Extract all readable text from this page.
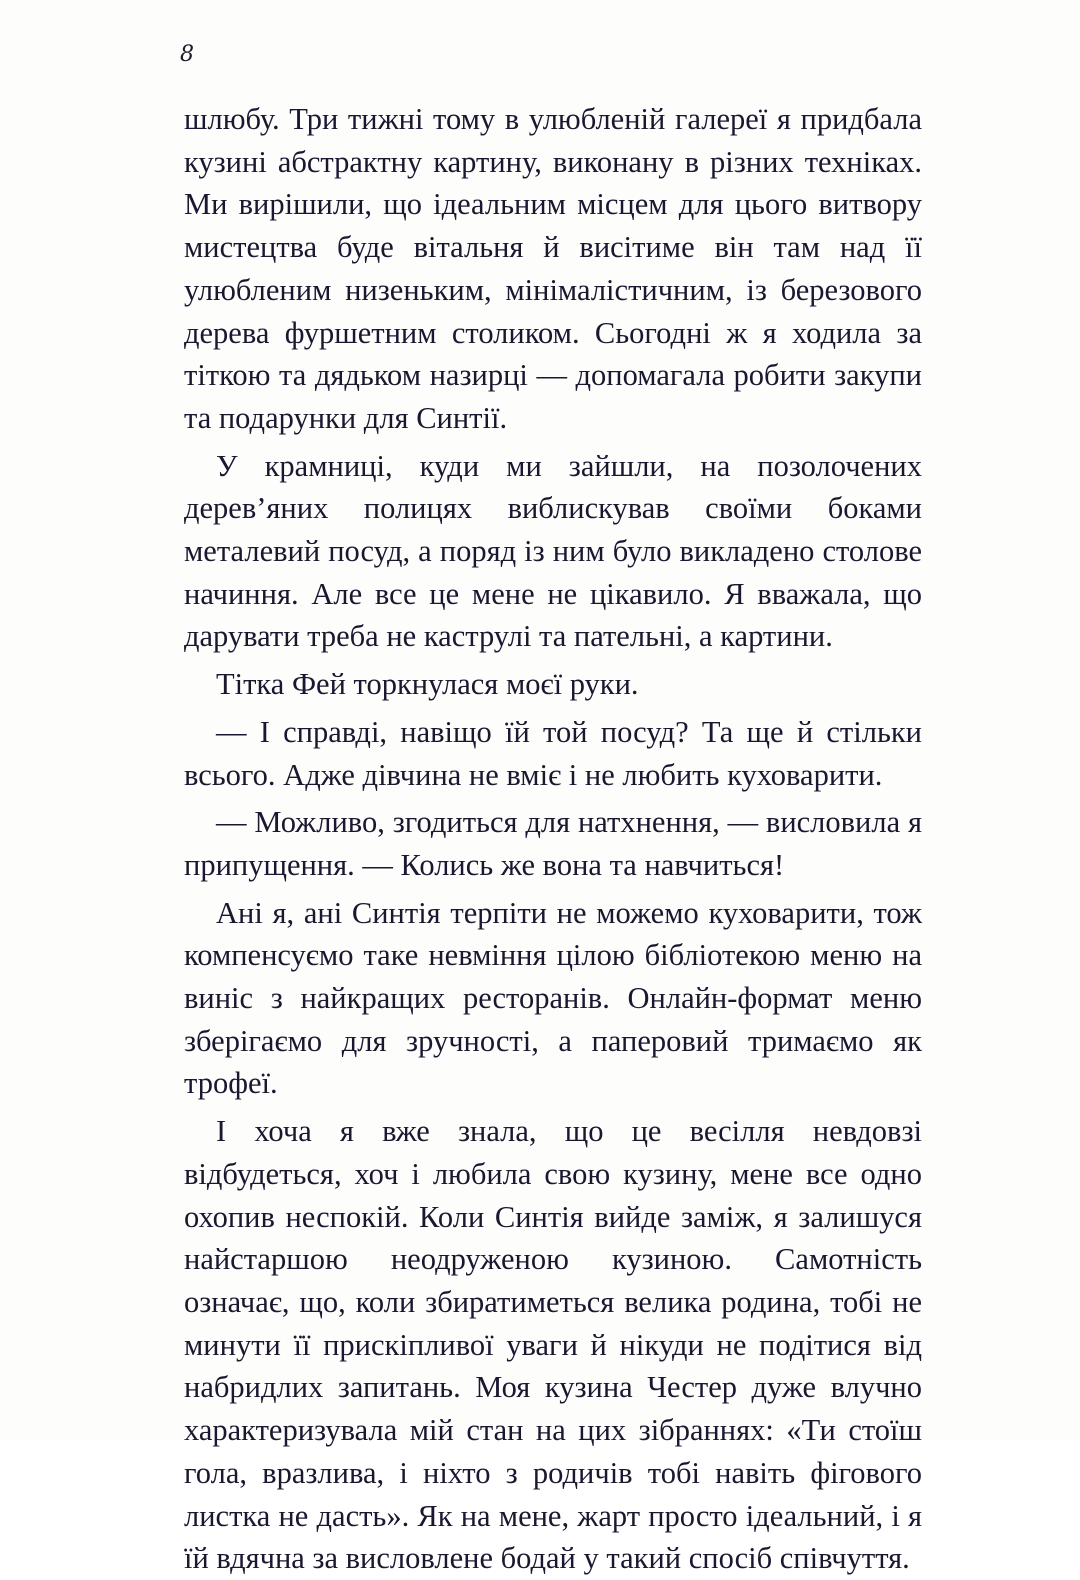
8

шлюбу. Три тижні тому в улюбленій галереї я придбала кузині абстрактну картину, виконану в різних техніках. Ми вирішили, що ідеальним місцем для цього витвору мистецтва буде вітальня й висітиме він там над її улюбленим низеньким, мінімалістичним, із березового дерева фуршетним столиком. Сьогодні ж я ходила за тіткою та дядьком назирці — допомагала робити закупи та подарунки для Синтії.

У крамниці, куди ми зайшли, на позолочених дерев’яних полицях виблискував своїми боками металевий посуд, а поряд із ним було викладено столове начиння. Але все це мене не цікавило. Я вважала, що дарувати треба не каструлі та пательні, а картини.

Тітка Фей торкнулася моєї руки.

— І справді, навіщо їй той посуд? Та ще й стільки всього. Адже дівчина не вміє і не любить куховарити.

— Можливо, згодиться для натхнення, — висловила я припущення. — Колись же вона та навчиться!

Ані я, ані Синтія терпіти не можемо куховарити, тож компенсуємо таке невміння цілою бібліотекою меню на виніс з найкращих ресторанів. Онлайн-формат меню зберігаємо для зручності, а паперовий тримаємо як трофеї.

І хоча я вже знала, що це весілля невдовзі відбудеться, хоч і любила свою кузину, мене все одно охопив неспокій. Коли Синтія вийде заміж, я залишуся найстаршою неодруженою кузиною. Самотність означає, що, коли збиратиметься велика родина, тобі не минути її прискіпливої уваги й нікуди не подітися від набридлих запитань. Моя кузина Честер дуже влучно характеризувала мій стан на цих зібраннях: «Ти стоїш гола, вразлива, і ніхто з родичів тобі навіть фігового листка не дасть». Як на мене, жарт просто ідеальний, і я їй вдячна за висловлене бодай у такий спосіб співчуття.
